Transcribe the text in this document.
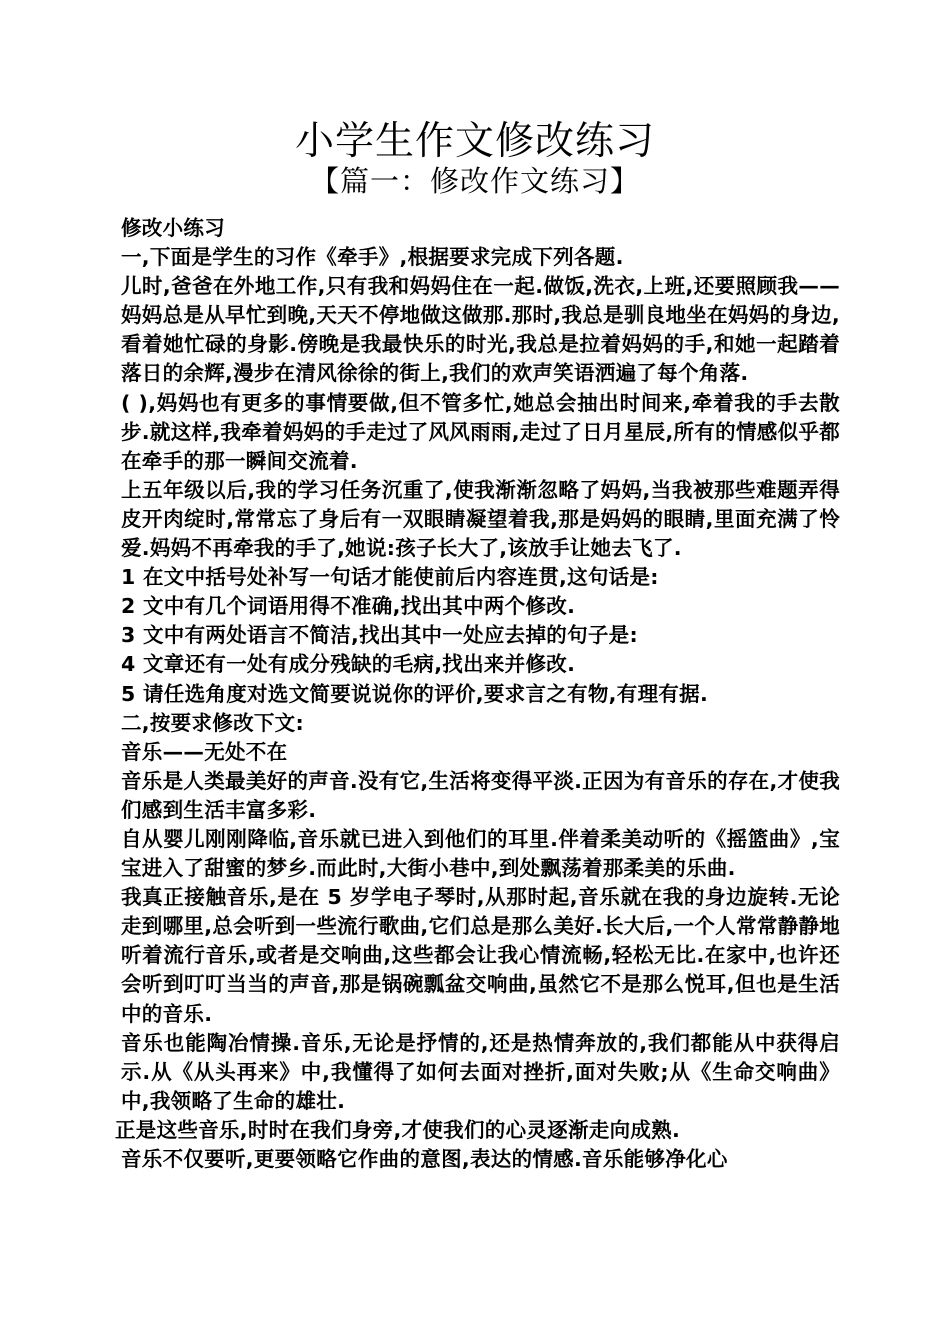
小学生作文修改练习
【篇一：修改作文练习】

修改小练习

一,下面是学生的习作《牵手》,根据要求完成下列各题.

儿时,爸爸在外地工作,只有我和妈妈住在一起.做饭,洗衣,上班,还要照顾我——妈妈总是从早忙到晚,天天不停地做这做那.那时,我总是驯良地坐在妈妈的身边,看着她忙碌的身影.傍晚是我最快乐的时光,我总是拉着妈妈的手,和她一起踏着落日的余辉,漫步在清风徐徐的街上,我们的欢声笑语洒遍了每个角落.

( ),妈妈也有更多的事情要做,但不管多忙,她总会抽出时间来,牵着我的手去散步.就这样,我牵着妈妈的手走过了风风雨雨,走过了日月星辰,所有的情感似乎都在牵手的那一瞬间交流着.

上五年级以后,我的学习任务沉重了,使我渐渐忽略了妈妈,当我被那些难题弄得皮开肉绽时,常常忘了身后有一双眼睛凝望着我,那是妈妈的眼睛,里面充满了怜爱.妈妈不再牵我的手了,她说:孩子长大了,该放手让她去飞了.

1 在文中括号处补写一句话才能使前后内容连贯,这句话是:

2 文中有几个词语用得不准确,找出其中两个修改.

3 文中有两处语言不简洁,找出其中一处应去掉的句子是:

4 文章还有一处有成分残缺的毛病,找出来并修改.

5 请任选角度对选文简要说说你的评价,要求言之有物,有理有据.

二,按要求修改下文:

音乐——无处不在

音乐是人类最美好的声音.没有它,生活将变得平淡.正因为有音乐的存在,才使我们感到生活丰富多彩.

自从婴儿刚刚降临,音乐就已进入到他们的耳里.伴着柔美动听的《摇篮曲》,宝宝进入了甜蜜的梦乡.而此时,大街小巷中,到处飘荡着那柔美的乐曲.

我真正接触音乐,是在 5 岁学电子琴时,从那时起,音乐就在我的身边旋转.无论走到哪里,总会听到一些流行歌曲,它们总是那么美好.长大后,一个人常常静静地听着流行音乐,或者是交响曲,这些都会让我心情流畅,轻松无比.在家中,也许还会听到叮叮当当的声音,那是锅碗瓢盆交响曲,虽然它不是那么悦耳,但也是生活中的音乐.

音乐也能陶冶情操.音乐,无论是抒情的,还是热情奔放的,我们都能从中获得启示.从《从头再来》中,我懂得了如何去面对挫折,面对失败;从《生命交响曲》中,我领略了生命的雄壮.

正是这些音乐,时时在我们身旁,才使我们的心灵逐渐走向成熟.

音乐不仅要听,更要领略它作曲的意图,表达的情感.音乐能够净化心
